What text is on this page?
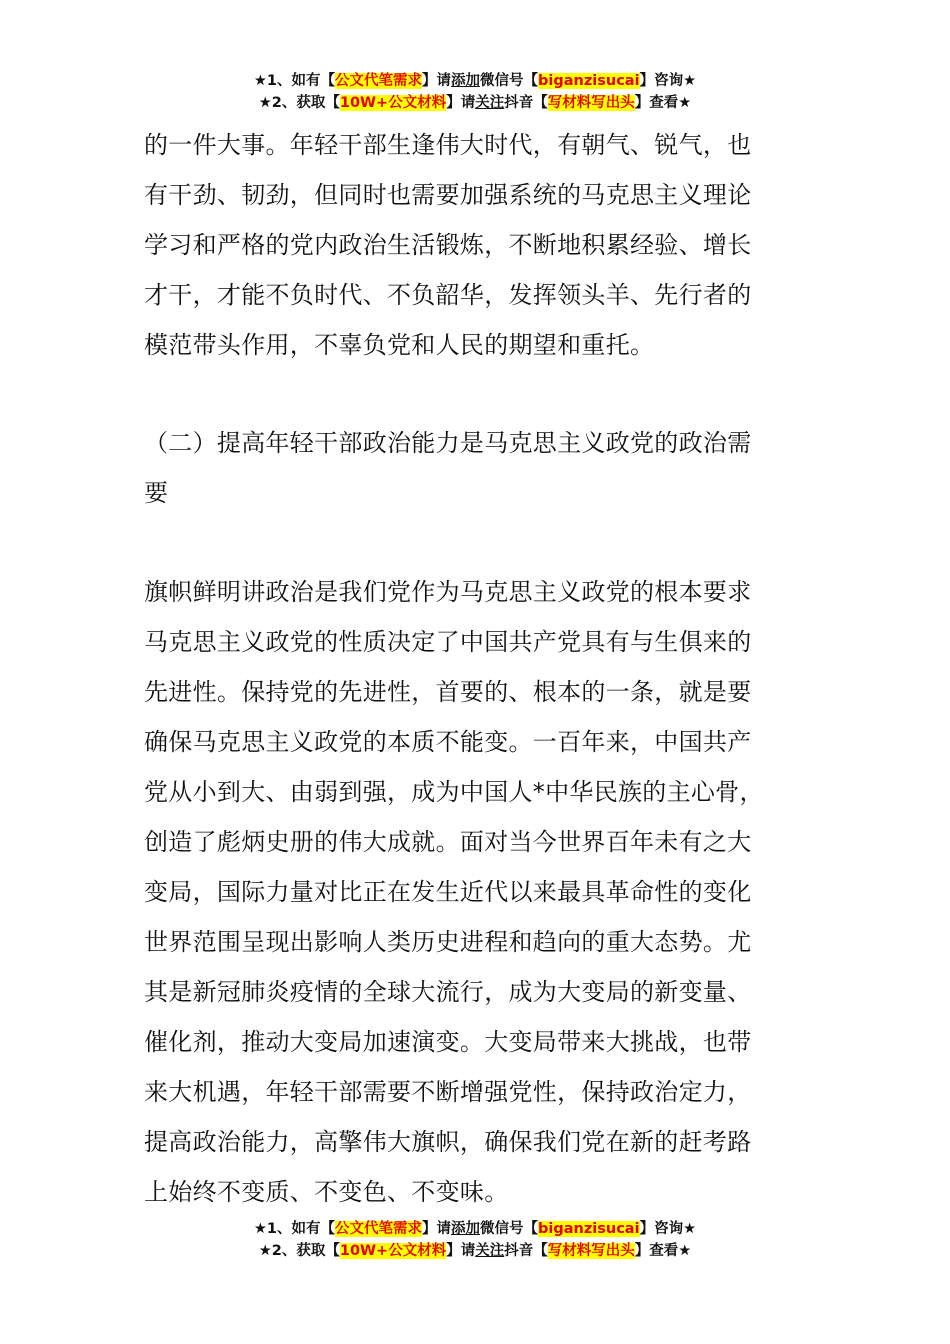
★1、如有【公文代笔需求】请添加微信号【biganzisucai】咨询★
★2、获取【10W+公文材料】请关注抖音【写材料写出头】查看★
的一件大事。年轻干部生逢伟大时代，有朝气、锐气，也
有干劲、韧劲，但同时也需要加强系统的马克思主义理论
学习和严格的党内政治生活锻炼，不断地积累经验、增长
才干，才能不负时代、不负韶华，发挥领头羊、先行者的
模范带头作用，不辜负党和人民的期望和重托。
（二）提高年轻干部政治能力是马克思主义政党的政治需
要
旗帜鲜明讲政治是我们党作为马克思主义政党的根本要求
马克思主义政党的性质决定了中国共产党具有与生俱来的
先进性。保持党的先进性，首要的、根本的一条，就是要
确保马克思主义政党的本质不能变。一百年来，中国共产
党从小到大、由弱到强，成为中国人*中华民族的主心骨，
创造了彪炳史册的伟大成就。面对当今世界百年未有之大
变局，国际力量对比正在发生近代以来最具革命性的变化
世界范围呈现出影响人类历史进程和趋向的重大态势。尤
其是新冠肺炎疫情的全球大流行，成为大变局的新变量、
催化剂，推动大变局加速演变。大变局带来大挑战，也带
来大机遇，年轻干部需要不断增强党性，保持政治定力，
提高政治能力，高擎伟大旗帜，确保我们党在新的赶考路
上始终不变质、不变色、不变味。
★1、如有【公文代笔需求】请添加微信号【biganzisucai】咨询★
★2、获取【10W+公文材料】请关注抖音【写材料写出头】查看★
